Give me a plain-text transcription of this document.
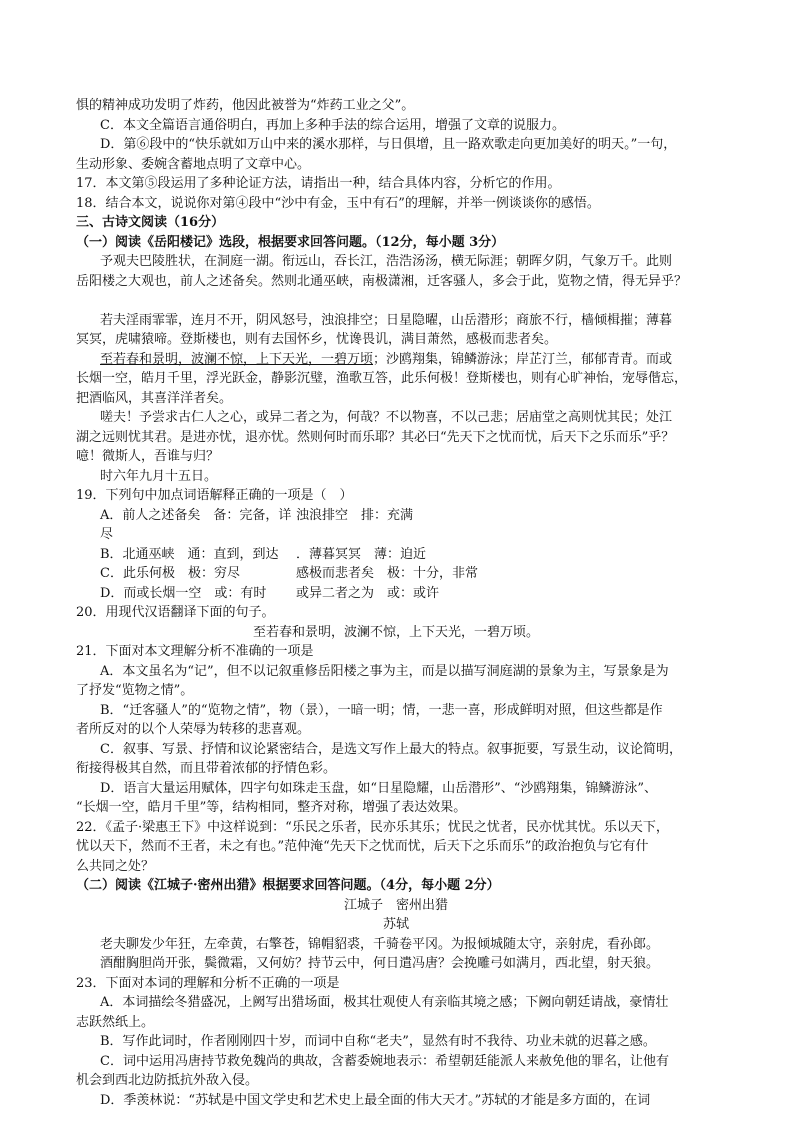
惧的精神成功发明了炸药，他因此被誉为“炸药工业之父”。

C．本文全篇语言通俗明白，再加上多种手法的综合运用，增强了文章的说服力。

D．第⑥段中的“快乐就如万山中来的溪水那样，与日俱增，且一路欢歌走向更加美好的明天。”一句，

生动形象、委婉含蓄地点明了文章中心。

17．本文第⑤段运用了多种论证方法，请指出一种，结合具体内容，分析它的作用。

18．结合本文，说说你对第④段中“沙中有金，玉中有石”的理解，并举一例谈谈你的感悟。

三、古诗文阅读（16分）

（一）阅读《岳阳楼记》选段，根据要求回答问题。（12分，每小题 3分）

予观夫巴陵胜状，在洞庭一湖。衔远山，吞长江，浩浩汤汤，横无际涯；朝晖夕阴，气象万千。此则

岳阳楼之大观也，前人之述备矣。然则北通巫峡，南极潇湘，迁客骚人，多会于此，览物之情，得无异乎？

若夫淫雨霏霏，连月不开，阴风怒号，浊浪排空；日星隐曜，山岳潜形；商旅不行，樯倾楫摧；薄暮

冥冥，虎啸猿啼。登斯楼也，则有去国怀乡，忧谗畏讥，满目萧然，感极而悲者矣。

至若春和景明，波澜不惊，上下天光，一碧万顷；沙鸥翔集，锦鳞游泳；岸芷汀兰，郁郁青青。而或

长烟一空，皓月千里，浮光跃金，静影沉璧，渔歌互答，此乐何极！登斯楼也，则有心旷神怡，宠辱偕忘，

把酒临风，其喜洋洋者矣。

嗟夫！予尝求古仁人之心，或异二者之为，何哉？不以物喜，不以己悲；居庙堂之高则忧其民；处江

湖之远则忧其君。是进亦忧，退亦忧。然则何时而乐耶？其必曰“先天下之忧而忧，后天下之乐而乐”乎？

噫！微斯人，吾谁与归？

时六年九月十五日。

19．下列句中加点词语解释正确的一项是（　）

A．前人之述备矣　备：完备，详尽
浊浪排空　排：充满
B．北通巫峡　通：直到，到达	．薄暮冥冥　薄：迫近
C．此乐何极　极：穷尽	感极而悲者矣　极：十分，非常
D．而或长烟一空　或：有时	或异二者之为　或：或许

20．用现代汉语翻译下面的句子。

至若春和景明，波澜不惊，上下天光，一碧万顷。

21．下面对本文理解分析不准确的一项是

A．本文虽名为“记”，但不以记叙重修岳阳楼之事为主，而是以描写洞庭湖的景象为主，写景象是为

了抒发“览物之情”。

B．“迁客骚人”的“览物之情”，物（景），一暗一明；情，一悲一喜，形成鲜明对照，但这些都是作

者所反对的以个人荣辱为转移的悲喜观。

C．叙事、写景、抒情和议论紧密结合，是选文写作上最大的特点。叙事扼要，写景生动，议论简明，

衔接得极其自然，而且带着浓郁的抒情色彩。

D．语言大量运用赋体，四字句如珠走玉盘，如“日星隐耀，山岳潜形”、“沙鸥翔集，锦鳞游泳”、

“长烟一空，皓月千里”等，结构相同，整齐对称，增强了表达效果。

22．《孟子·梁惠王下》中这样说到：“乐民之乐者，民亦乐其乐；忧民之忧者，民亦忧其忧。乐以天下，

忧以天下，然而不王者，未之有也。”范仲淹“先天下之忧而忧，后天下之乐而乐”的政治抱负与它有什

么共同之处？

（二）阅读《江城子·密州出猎》根据要求回答问题。（4分，每小题 2分）

江城子　密州出猎

苏轼

老夫聊发少年狂，左牵黄，右擎苍，锦帽貂裘，千骑卷平冈。为报倾城随太守，亲射虎，看孙郎。

酒酣胸胆尚开张，鬓微霜，又何妨？持节云中，何日遣冯唐？会挽雕弓如满月，西北望，射天狼。

23．下面对本词的理解和分析不正确的一项是

A．本词描绘冬猎盛况，上阙写出猎场面，极其壮观使人有亲临其境之感；下阙向朝廷请战，豪情壮

志跃然纸上。

B．写作此词时，作者刚刚四十岁，而词中自称“老夫”，显然有时不我待、功业未就的迟暮之感。

C．词中运用冯唐持节救免魏尚的典故，含蓄委婉地表示：希望朝廷能派人来赦免他的罪名，让他有

机会到西北边防抵抗外敌入侵。

D．季羡林说：“苏轼是中国文学史和艺术史上最全面的伟大天才。”苏轼的才能是多方面的，在词
